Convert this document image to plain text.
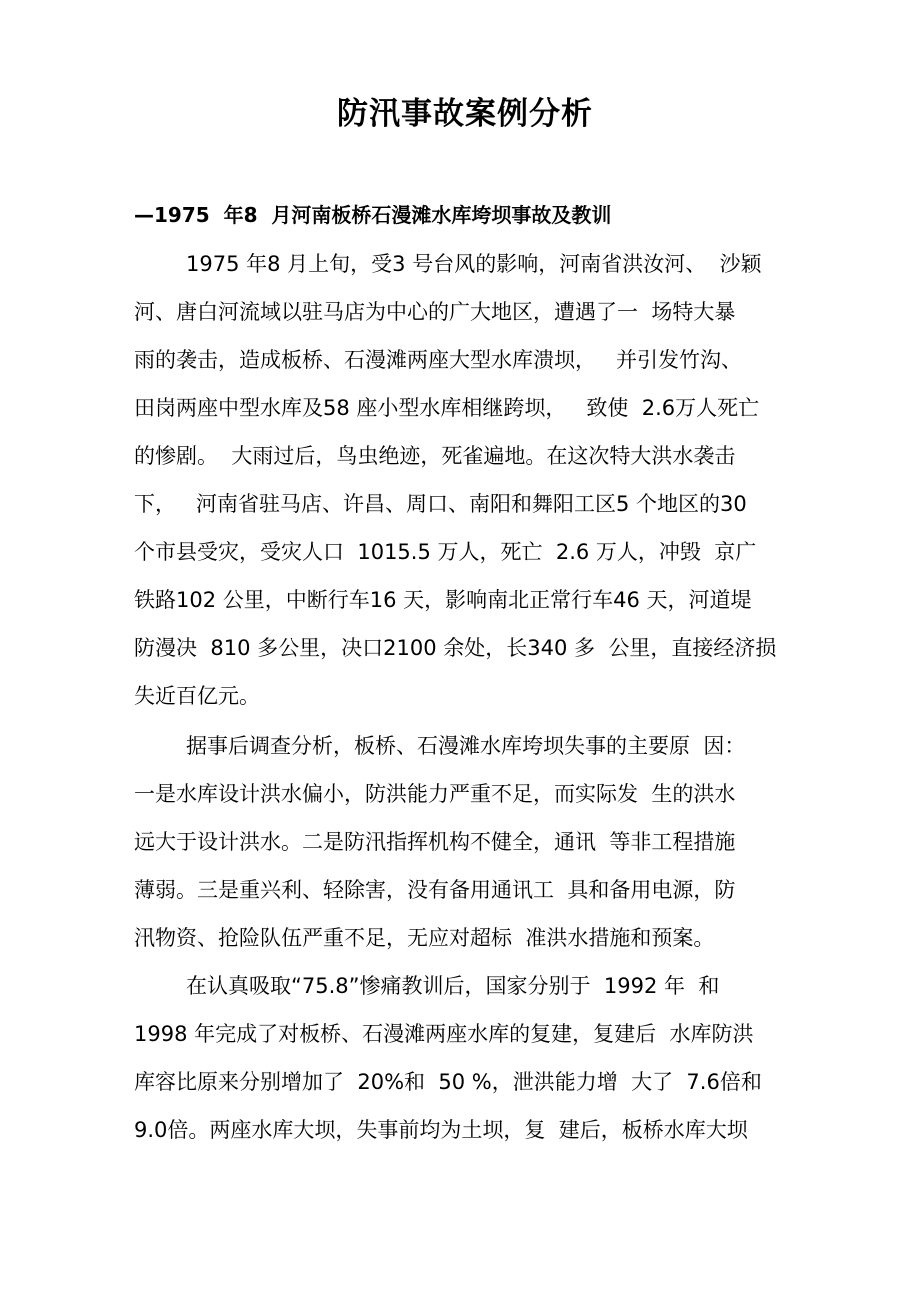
防汛事故案例分析
—1975  年8  月河南板桥石漫滩水库垮坝事故及教训

1975 年8 月上旬，受3 号台风的影响，河南省洪汝河、  沙颖

河、唐白河流域以驻马店为中心的广大地区，遭遇了一  场特大暴

雨的袭击，造成板桥、石漫滩两座大型水库溃坝，   并引发竹沟、

田岗两座中型水库及58 座小型水库相继跨坝，   致使  2.6万人死亡

的惨剧。  大雨过后，鸟虫绝迹，死雀遍地。在这次特大洪水袭击

下，   河南省驻马店、许昌、周口、南阳和舞阳工区5 个地区的30

个市县受灾，受灾人口  1015.5 万人，死亡  2.6 万人，冲毁  京广

铁路102 公里，中断行车16 天，影响南北正常行车46 天，河道堤

防漫决  810 多公里，决口2100 余处，长340 多  公里，直接经济损

失近百亿元。

据事后调查分析，板桥、石漫滩水库垮坝失事的主要原  因：

一是水库设计洪水偏小，防洪能力严重不足，而实际发  生的洪水

远大于设计洪水。二是防汛指挥机构不健全，通讯  等非工程措施

薄弱。三是重兴利、轻除害，没有备用通讯工  具和备用电源，防

汛物资、抢险队伍严重不足，无应对超标  准洪水措施和预案。

在认真吸取“75.8”惨痛教训后，国家分别于  1992 年  和

1998 年完成了对板桥、石漫滩两座水库的复建，复建后  水库防洪

库容比原来分别增加了  20%和  50 %，泄洪能力增  大了  7.6倍和

9.0倍。两座水库大坝，失事前均为土坝，复  建后，板桥水库大坝
